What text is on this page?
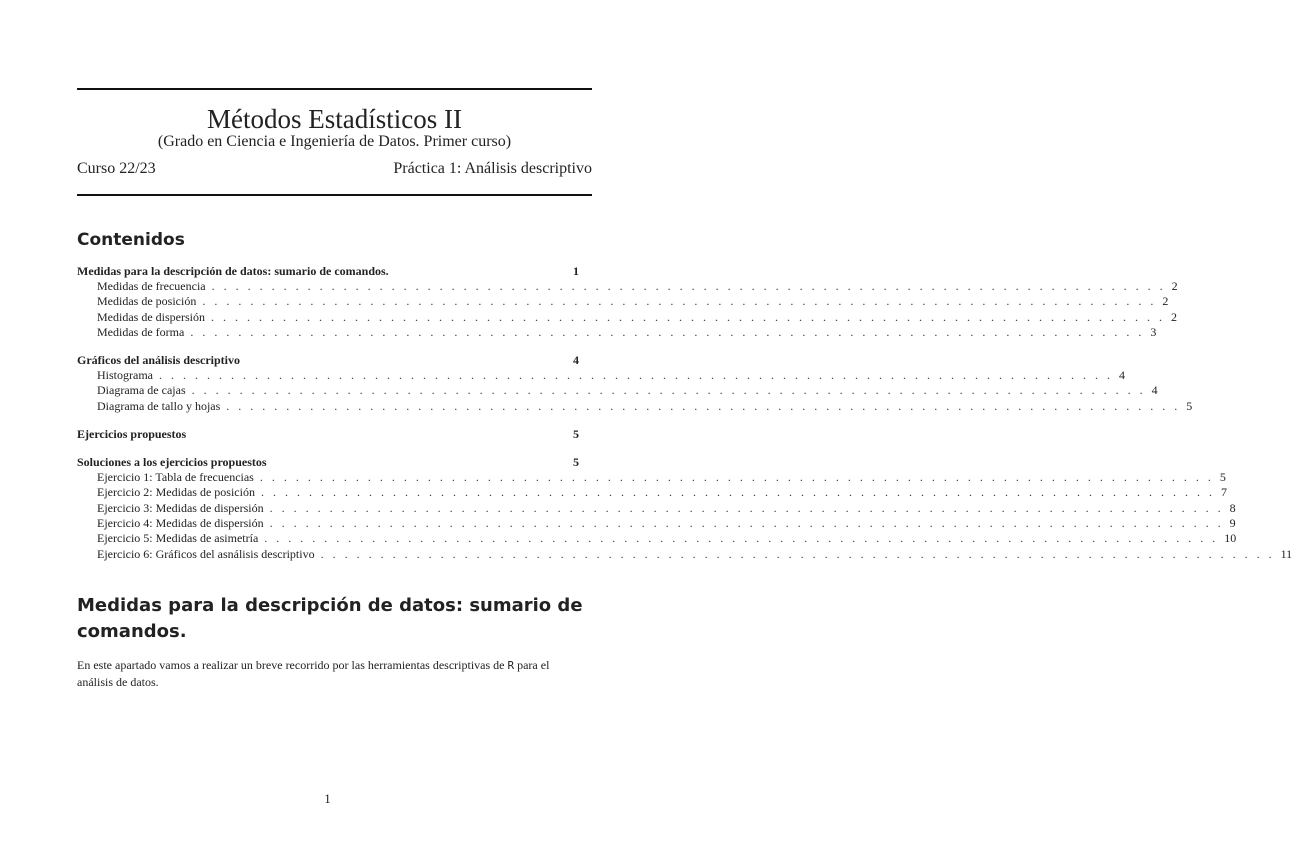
Métodos Estadísticos II
(Grado en Ciencia e Ingeniería de Datos. Primer curso)
Curso 22/23	Práctica 1: Análisis descriptivo
Contenidos
Medidas para la descripción de datos: sumario de comandos.	1
Medidas de frecuencia . . . . . . . . . . . . . . . . . . . . . . . . . . . . . . . . . . . . . . . . . . . . . . . . . . . . . . . . . . . . . . . . . . . . . . . . . . . . . . . . 2
Medidas de posición . . . . . . . . . . . . . . . . . . . . . . . . . . . . . . . . . . . . . . . . . . . . . . . . . . . . . . . . . . . . . . . . . . . . . . . . . . . . . . . . 2
Medidas de dispersión . . . . . . . . . . . . . . . . . . . . . . . . . . . . . . . . . . . . . . . . . . . . . . . . . . . . . . . . . . . . . . . . . . . . . . . . . . . . . . . . 2
Medidas de forma . . . . . . . . . . . . . . . . . . . . . . . . . . . . . . . . . . . . . . . . . . . . . . . . . . . . . . . . . . . . . . . . . . . . . . . . . . . . . . . . 3
Gráficos del análisis descriptivo	4
Histograma . . . . . . . . . . . . . . . . . . . . . . . . . . . . . . . . . . . . . . . . . . . . . . . . . . . . . . . . . . . . . . . . . . . . . . . . . . . . . . . . 4
Diagrama de cajas . . . . . . . . . . . . . . . . . . . . . . . . . . . . . . . . . . . . . . . . . . . . . . . . . . . . . . . . . . . . . . . . . . . . . . . . . . . . . . . . 4
Diagrama de tallo y hojas . . . . . . . . . . . . . . . . . . . . . . . . . . . . . . . . . . . . . . . . . . . . . . . . . . . . . . . . . . . . . . . . . . . . . . . . . . . . . . . . 5
Ejercicios propuestos	5
Soluciones a los ejercicios propuestos	5
Ejercicio 1: Tabla de frecuencias . . . . . . . . . . . . . . . . . . . . . . . . . . . . . . . . . . . . . . . . . . . . . . . . . . . . . . . . . . . . . . . . . . . . . . . . . . . . . . . . 5
Ejercicio 2: Medidas de posición . . . . . . . . . . . . . . . . . . . . . . . . . . . . . . . . . . . . . . . . . . . . . . . . . . . . . . . . . . . . . . . . . . . . . . . . . . . . . . . . 7
Ejercicio 3: Medidas de dispersión . . . . . . . . . . . . . . . . . . . . . . . . . . . . . . . . . . . . . . . . . . . . . . . . . . . . . . . . . . . . . . . . . . . . . . . . . . . . . . . . 8
Ejercicio 4: Medidas de dispersión . . . . . . . . . . . . . . . . . . . . . . . . . . . . . . . . . . . . . . . . . . . . . . . . . . . . . . . . . . . . . . . . . . . . . . . . . . . . . . . . 9
Ejercicio 5: Medidas de asimetría . . . . . . . . . . . . . . . . . . . . . . . . . . . . . . . . . . . . . . . . . . . . . . . . . . . . . . . . . . . . . . . . . . . . . . . . . . . . . . . . 10
Ejercicio 6: Gráficos del asnálisis descriptivo . . . . . . . . . . . . . . . . . . . . . . . . . . . . . . . . . . . . . . . . . . . . . . . . . . . . . . . . . . . . . . . . . . . . . . . . . . . . . . . . 11
Medidas para la descripción de datos: sumario de comandos.
En este apartado vamos a realizar un breve recorrido por las herramientas descriptivas de R para el análisis de datos.
1
